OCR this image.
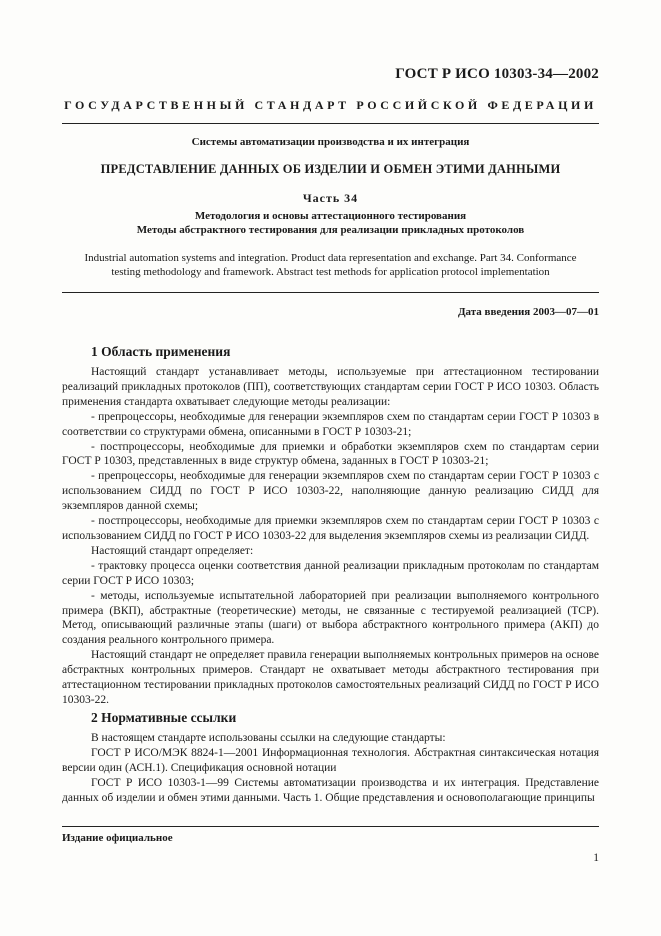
ГОСТ Р ИСО 10303-34—2002
ГОСУДАРСТВЕННЫЙ СТАНДАРТ РОССИЙСКОЙ ФЕДЕРАЦИИ
Системы автоматизации производства и их интеграция
ПРЕДСТАВЛЕНИЕ ДАННЫХ ОБ ИЗДЕЛИИ И ОБМЕН ЭТИМИ ДАННЫМИ
Часть 34
Методология и основы аттестационного тестирования
Методы абстрактного тестирования для реализации прикладных протоколов
Industrial automation systems and integration. Product data representation and exchange. Part 34. Conformance testing methodology and framework. Abstract test methods for application protocol implementation
Дата введения 2003—07—01
1 Область применения

Настоящий стандарт устанавливает методы, используемые при аттестационном тестировании реализаций прикладных протоколов (ПП), соответствующих стандартам серии ГОСТ Р ИСО 10303. Область применения стандарта охватывает следующие методы реализации:

- препроцессоры, необходимые для генерации экземпляров схем по стандартам серии ГОСТ Р 10303 в соответствии со структурами обмена, описанными в ГОСТ Р 10303-21;

- постпроцессоры, необходимые для приемки и обработки экземпляров схем по стандартам серии ГОСТ Р 10303, представленных в виде структур обмена, заданных в ГОСТ Р 10303-21;

- препроцессоры, необходимые для генерации экземпляров схем по стандартам серии ГОСТ Р 10303 с использованием СИДД по ГОСТ Р ИСО 10303-22, наполняющие данную реализацию СИДД для экземпляров данной схемы;

- постпроцессоры, необходимые для приемки экземпляров схем по стандартам серии ГОСТ Р 10303 с использованием СИДД по ГОСТ Р ИСО 10303-22 для выделения экземпляров схемы из реализации СИДД.

Настоящий стандарт определяет:

- трактовку процесса оценки соответствия данной реализации прикладным протоколам по стандартам серии ГОСТ Р ИСО 10303;

- методы, используемые испытательной лабораторией при реализации выполняемого контрольного примера (ВКП), абстрактные (теоретические) методы, не связанные с тестируемой реализацией (ТСР). Метод, описывающий различные этапы (шаги) от выбора абстрактного контрольного примера (АКП) до создания реального контрольного примера.

Настоящий стандарт не определяет правила генерации выполняемых контрольных примеров на основе абстрактных контрольных примеров. Стандарт не охватывает методы абстрактного тестирования при аттестационном тестировании прикладных протоколов самостоятельных реализаций СИДД по ГОСТ Р ИСО 10303-22.

2 Нормативные ссылки

В настоящем стандарте использованы ссылки на следующие стандарты:

ГОСТ Р ИСО/МЭК 8824-1—2001 Информационная технология. Абстрактная синтаксическая нотация версии один (АСН.1). Спецификация основной нотации

ГОСТ Р ИСО 10303-1—99 Системы автоматизации производства и их интеграция. Представление данных об изделии и обмен этими данными. Часть 1. Общие представления и основополагающие принципы

Издание официальное
1
